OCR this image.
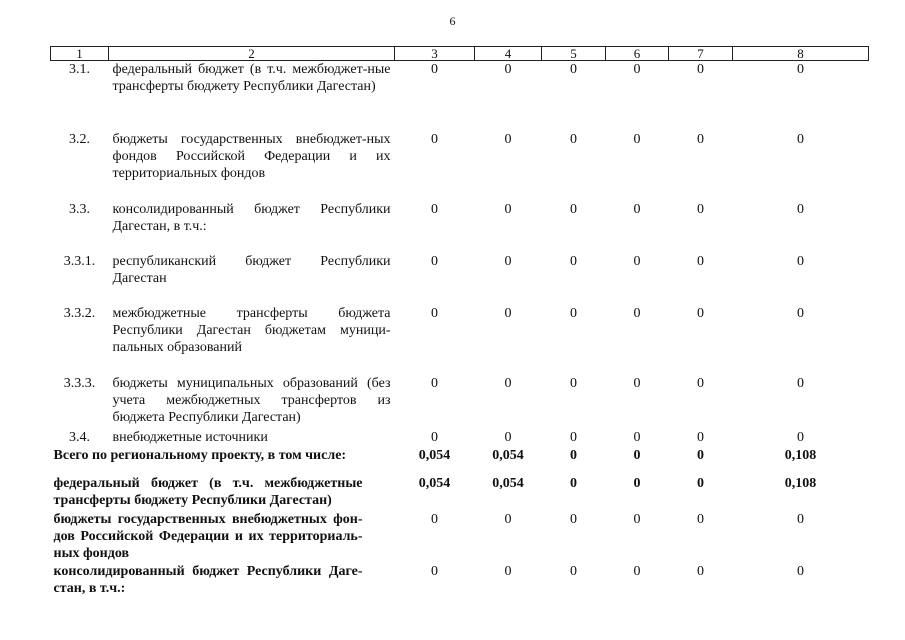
6
1	2	3	4	5	6	7	8
3.1.	федеральный бюджет (в т.ч. межбюджет-ные трансферты бюджету Республики Дагестан)	0	0	0	0	0	0
3.2.	бюджеты государственных внебюджет-ных фондов Российской Федерации и их территориальных фондов	0	0	0	0	0	0
3.3.	консолидированный бюджет Республики Дагестан, в т.ч.:	0	0	0	0	0	0
3.3.1.	республиканский бюджет Республики Дагестан	0	0	0	0	0	0
3.3.2.	межбюджетные трансферты бюджета Республики Дагестан бюджетам муници-пальных образований	0	0	0	0	0	0
3.3.3.	бюджеты муниципальных образований (без учета межбюджетных трансфертов из бюджета Республики Дагестан)	0	0	0	0	0	0
3.4.	внебюджетные источники	0	0	0	0	0	0
Всего по региональному проекту, в том числе:		0,054	0,054	0	0	0	0,108
федеральный бюджет (в т.ч. межбюджетные трансферты бюджету Республики Дагестан)		0,054	0,054	0	0	0	0,108
бюджеты государственных внебюджетных фон-дов Российской Федерации и их территориаль-ных фондов		0	0	0	0	0	0
консолидированный бюджет Республики Даге-стан, в т.ч.:		0	0	0	0	0	0
